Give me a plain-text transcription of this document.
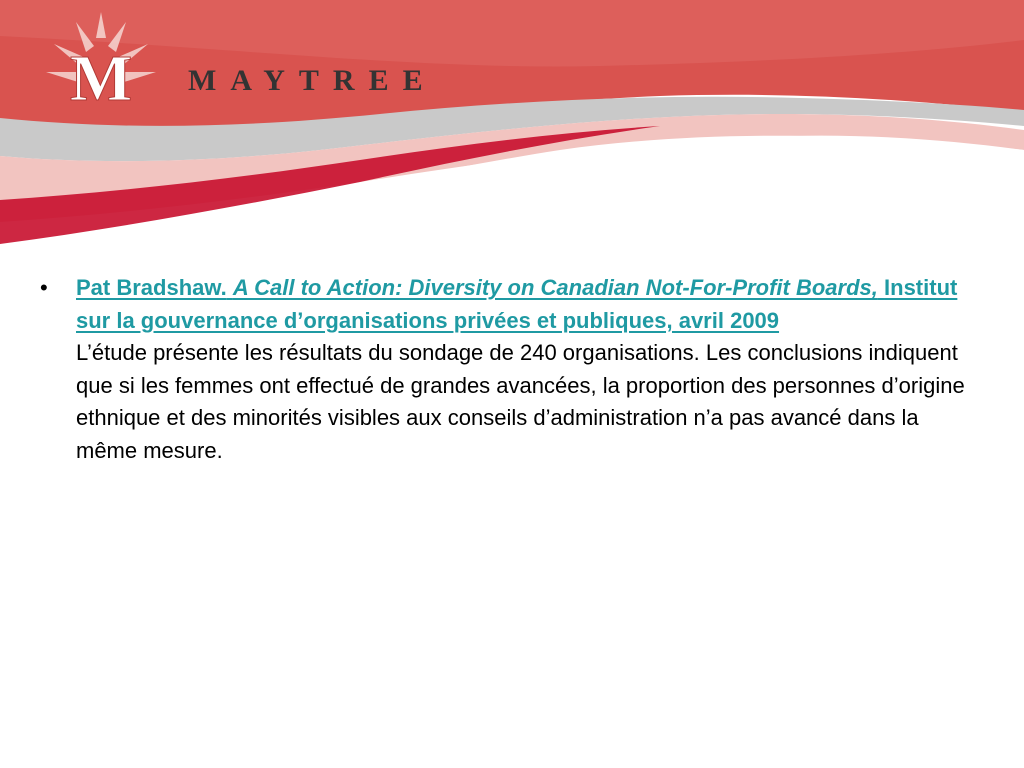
M MAYTREE
•	Pat Bradshaw. A Call to Action: Diversity on Canadian Not-For-Profit Boards, Institut sur la gouvernance d’organisations privées et publiques, avril 2009
L’étude présente les résultats du sondage de 240 organisations. Les conclusions indiquent que si les femmes ont effectué de grandes avancées, la proportion des personnes d’origine ethnique et des minorités visibles aux conseils d’administration n’a pas avancé dans la même mesure.
